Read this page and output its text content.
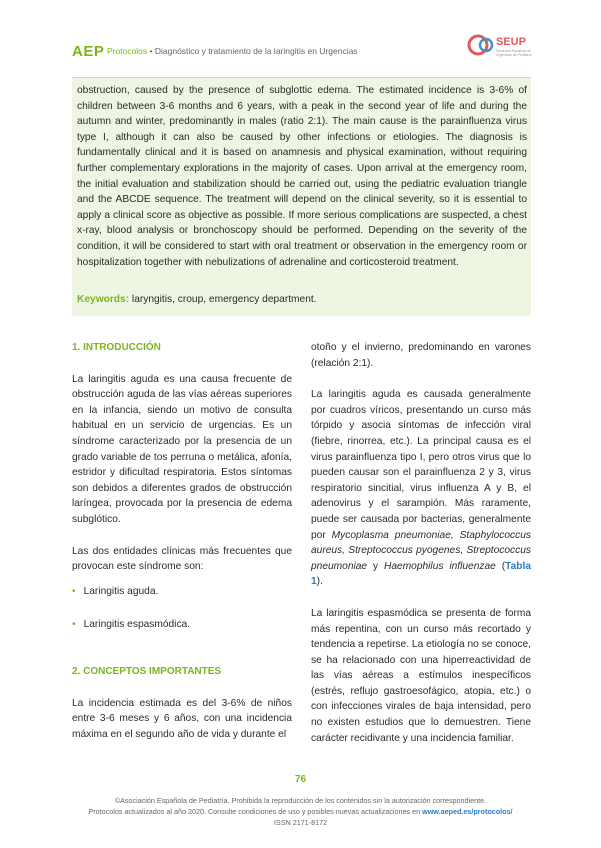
AEP Protocolos • Diagnóstico y tratamiento de la laringitis en Urgencias
SEUP
Sociedad Española de Urgencias de Pediatría

obstruction, caused by the presence of subglottic edema. The estimated incidence is 3-6% of children between 3-6 months and 6 years, with a peak in the second year of life and during the autumn and winter, predominantly in males (ratio 2:1). The main cause is the parainfluenza virus type I, although it can also be caused by other infections or etiologies. The diagnosis is fundamentally clinical and it is based on anamnesis and physical examination, without requiring further complementary explorations in the majority of cases. Upon arrival at the emergency room, the initial evaluation and stabilization should be carried out, using the pediatric evaluation triangle and the ABCDE sequence. The treatment will depend on the clinical severity, so it is essential to apply a clinical score as objective as possible. If more serious complications are suspected, a chest x-ray, blood analysis or bronchoscopy should be performed. Depending on the severity of the condition, it will be considered to start with oral treatment or observation in the emergency room or hospitalization together with nebulizations of adrenaline and corticosteroid treatment.

Keywords: laryngitis, croup, emergency department.

1. INTRODUCCIÓN

La laringitis aguda es una causa frecuente de obstrucción aguda de las vías aéreas superiores en la infancia, siendo un motivo de consulta habitual en un servicio de urgencias. Es un síndrome caracterizado por la presencia de un grado variable de tos perruna o metálica, afonía, estridor y dificultad respiratoria. Estos síntomas son debidos a diferentes grados de obstrucción laríngea, provocada por la presencia de edema subglótico.

Las dos entidades clínicas más frecuentes que provocan este síndrome son:

• Laringitis aguda.
• Laringitis espasmódica.

2. CONCEPTOS IMPORTANTES

La incidencia estimada es del 3-6% de niños entre 3-6 meses y 6 años, con una incidencia máxima en el segundo año de vida y durante el

otoño y el invierno, predominando en varones (relación 2:1).

La laringitis aguda es causada generalmente por cuadros víricos, presentando un curso más tórpido y asocia síntomas de infección viral (fiebre, rinorrea, etc.). La principal causa es el virus parainfluenza tipo I, pero otros virus que lo pueden causar son el parainfluenza 2 y 3, virus respiratorio sincitial, virus influenza A y B, el adenovirus y el sarampión. Más raramente, puede ser causada por bacterias, generalmente por Mycoplasma pneumoniae, Staphylococcus aureus, Streptococcus pyogenes, Streptococcus pneumoniae y Haemophilus influenzae (Tabla 1).

La laringitis espasmódica se presenta de forma más repentina, con un curso más recortado y tendencia a repetirse. La etiología no se conoce, se ha relacionado con una hiperreactividad de las vías aéreas a estímulos inespecíficos (estrés, reflujo gastroesofágico, atopia, etc.) o con infecciones virales de baja intensidad, pero no existen estudios que lo demuestren. Tiene carácter recidivante y una incidencia familiar.

76
©Asociación Española de Pediatría. Prohibida la reproducción de los contenidos sin la autorización correspondiente.
Protocolos actualizados al año 2020. Consulte condiciones de uso y posibles nuevas actualizaciones en www.aeped.es/protocolos/
ISSN 2171-8172
